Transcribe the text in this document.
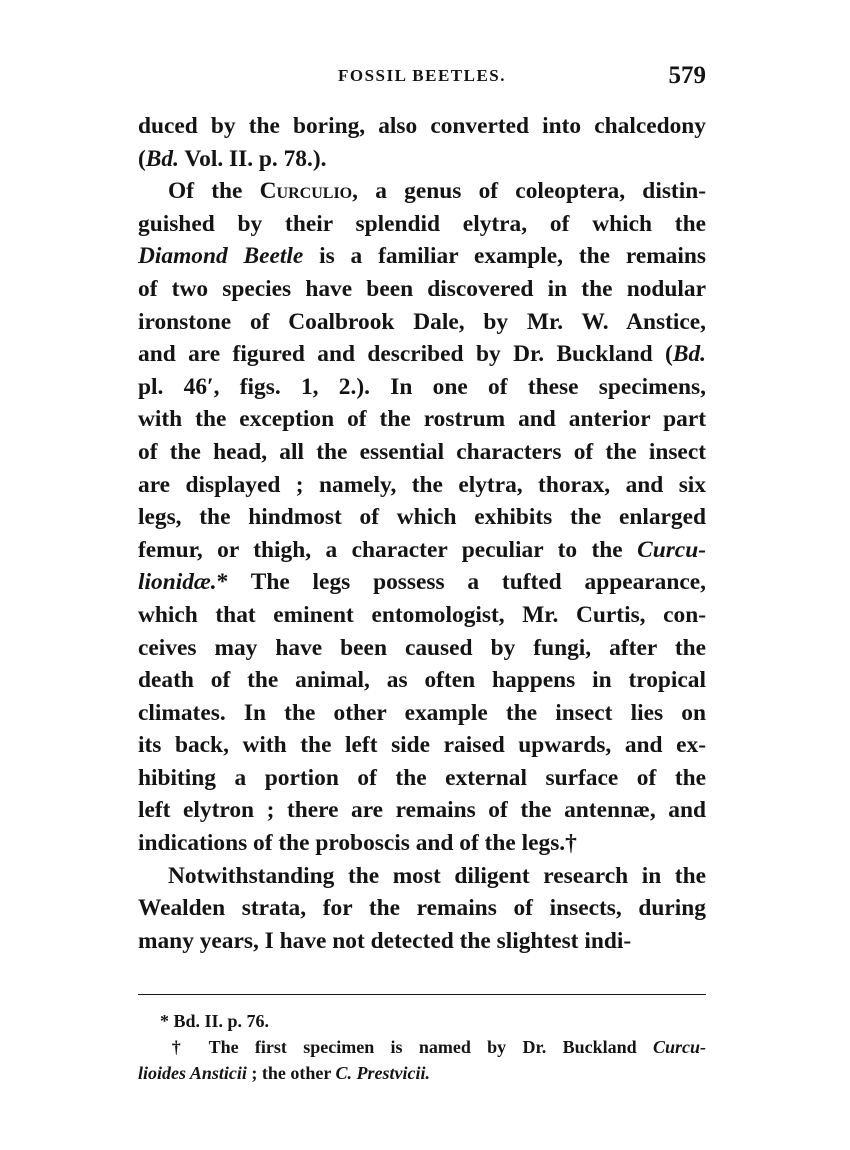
FOSSIL BEETLES.	579
duced by the boring, also converted into chalcedony
(Bd. Vol. II. p. 78.).
Of the Curculio, a genus of coleoptera, distin-
guished by their splendid elytra, of which the
Diamond Beetle is a familiar example, the remains
of two species have been discovered in the nodular
ironstone of Coalbrook Dale, by Mr. W. Anstice,
and are figured and described by Dr. Buckland (Bd.
pl. 46′, figs. 1, 2.). In one of these specimens,
with the exception of the rostrum and anterior part
of the head, all the essential characters of the insect
are displayed ; namely, the elytra, thorax, and six
legs, the hindmost of which exhibits the enlarged
femur, or thigh, a character peculiar to the Curcu-
lionidæ.* The legs possess a tufted appearance,
which that eminent entomologist, Mr. Curtis, con-
ceives may have been caused by fungi, after the
death of the animal, as often happens in tropical
climates. In the other example the insect lies on
its back, with the left side raised upwards, and ex-
hibiting a portion of the external surface of the
left elytron ; there are remains of the antennæ, and
indications of the proboscis and of the legs.†
Notwithstanding the most diligent research in the
Wealden strata, for the remains of insects, during
many years, I have not detected the slightest indi-
* Bd. II. p. 76.
† The first specimen is named by Dr. Buckland Curcu-
lioides Ansticii ; the other C. Prestvicii.
